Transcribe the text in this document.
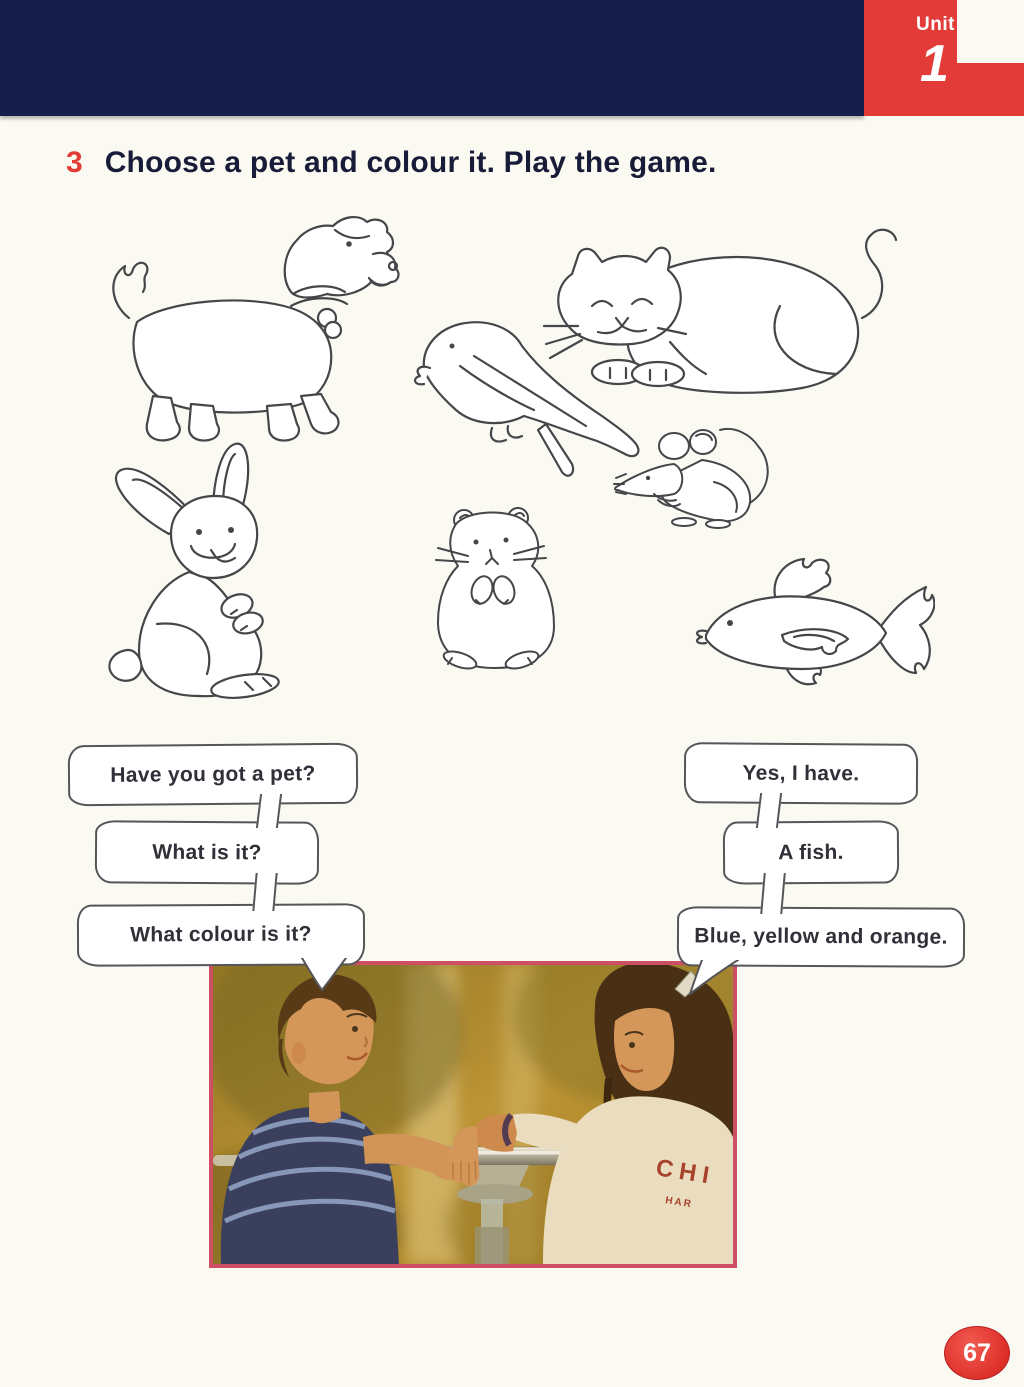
Unit
1
3 Choose a pet and colour it. Play the game.
Have you got a pet?
What is it?
What colour is it?
Yes, I have.
A fish.
Blue, yellow and orange.
CHI
HAR
67
